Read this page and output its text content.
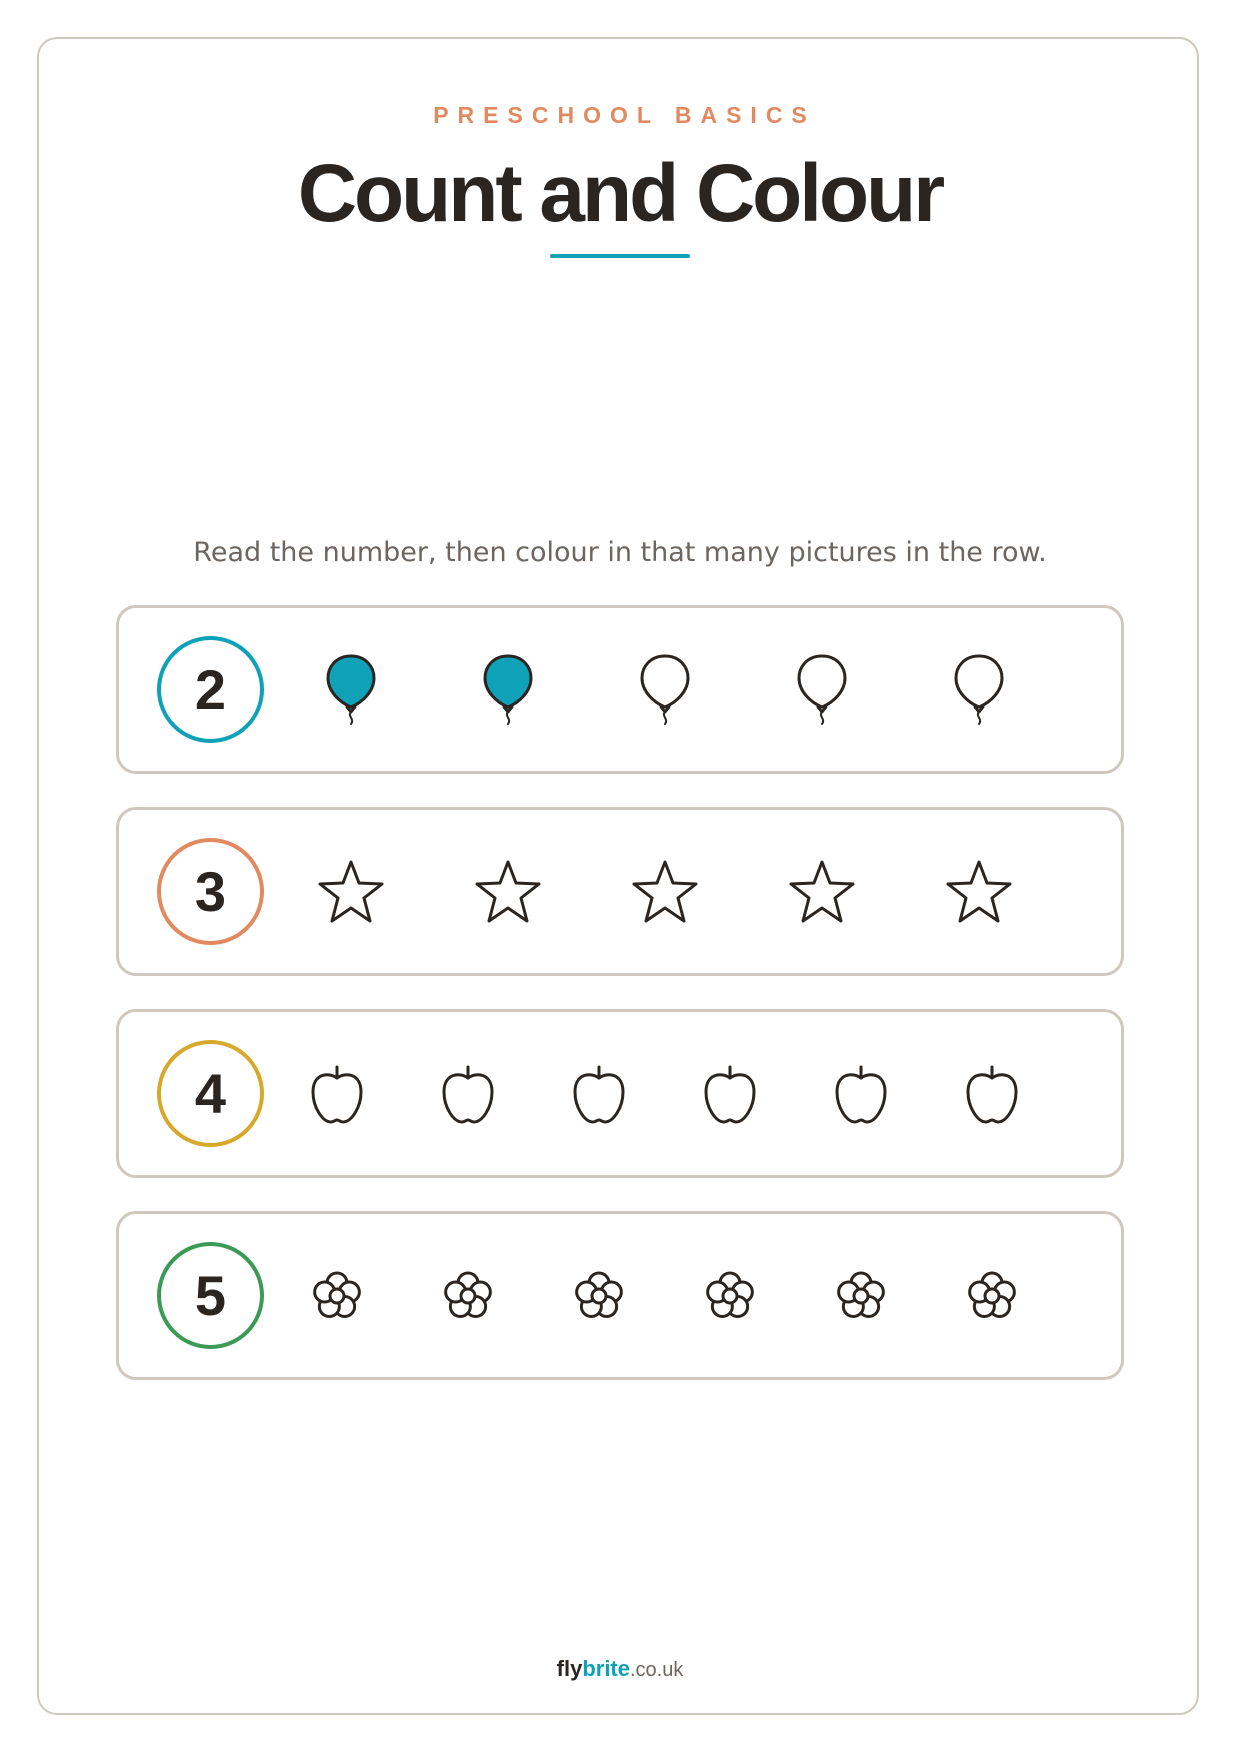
PRESCHOOL BASICS
Count and Colour
Read the number, then colour in that many pictures in the row.
2
3
4
5
flybrite.co.uk
